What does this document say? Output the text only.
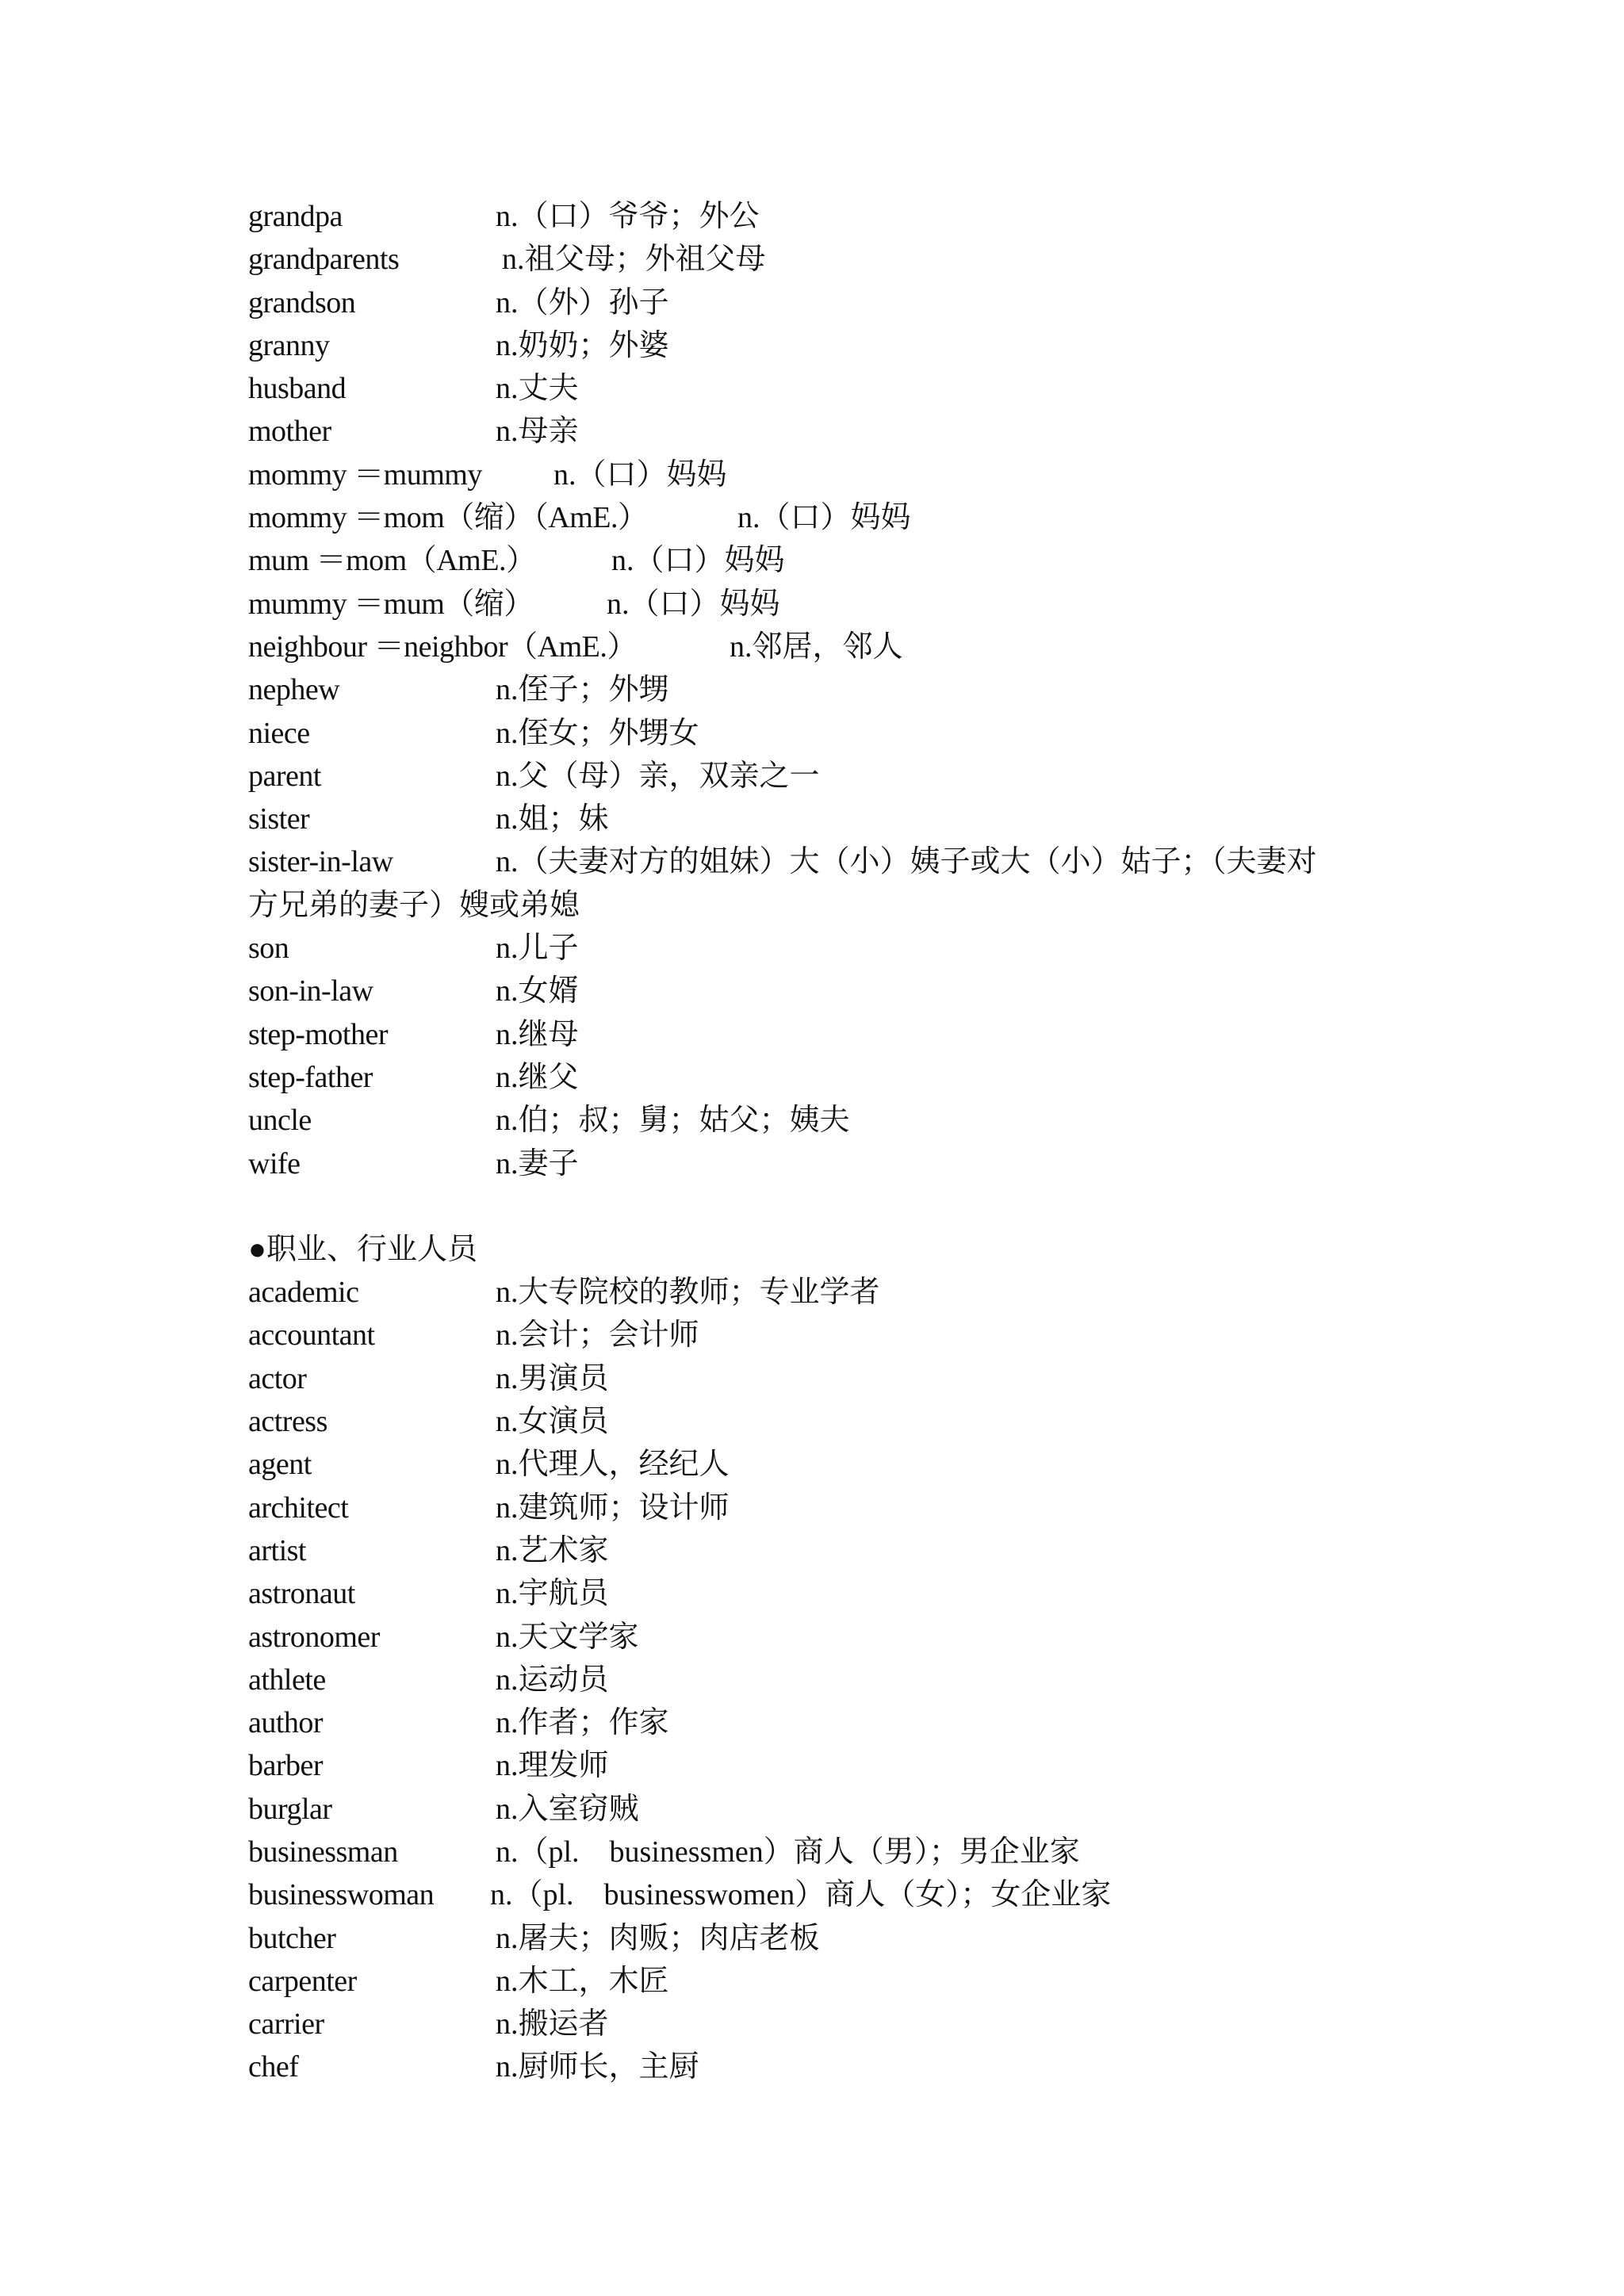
grandpa	n.（口）爷爷；外公
grandparents	n.祖父母；外祖父母
grandson	n.（外）孙子
granny	n.奶奶；外婆
husband	n.丈夫
mother	n.母亲
mommy ＝mummy n.（口）妈妈
mommy ＝mom（缩）（AmE.）	n.（口）妈妈
mum ＝mom（AmE.）	n.（口）妈妈
mummy ＝mum（缩） n.（口）妈妈
neighbour ＝neighbor（AmE.）	n.邻居，邻人
nephew	n.侄子；外甥
niece	n.侄女；外甥女
parent	n.父（母）亲，双亲之一
sister	n.姐；妹
sister-in-law	n.（夫妻对方的姐妹）大（小）姨子或大（小）姑子；（夫妻对
方兄弟的妻子）嫂或弟媳
son	n.儿子
son-in-law	n.女婿
step-mother	n.继母
step-father	n.继父
uncle	n.伯；叔；舅；姑父；姨夫
wife	n.妻子
●职业、行业人员
academic	n.大专院校的教师；专业学者
accountant	n.会计；会计师
actor	n.男演员
actress	n.女演员
agent	n.代理人，经纪人
architect	n.建筑师；设计师
artist	n.艺术家
astronaut	n.宇航员
astronomer	n.天文学家
athlete	n.运动员
author	n.作者；作家
barber	n.理发师
burglar	n.入室窃贼
businessman	n.（pl.　businessmen）商人（男）；男企业家
businesswoman n.（pl.　businesswomen）商人（女）；女企业家
butcher	n.屠夫；肉贩；肉店老板
carpenter	n.木工，木匠
carrier	n.搬运者
chef	n.厨师长，主厨
